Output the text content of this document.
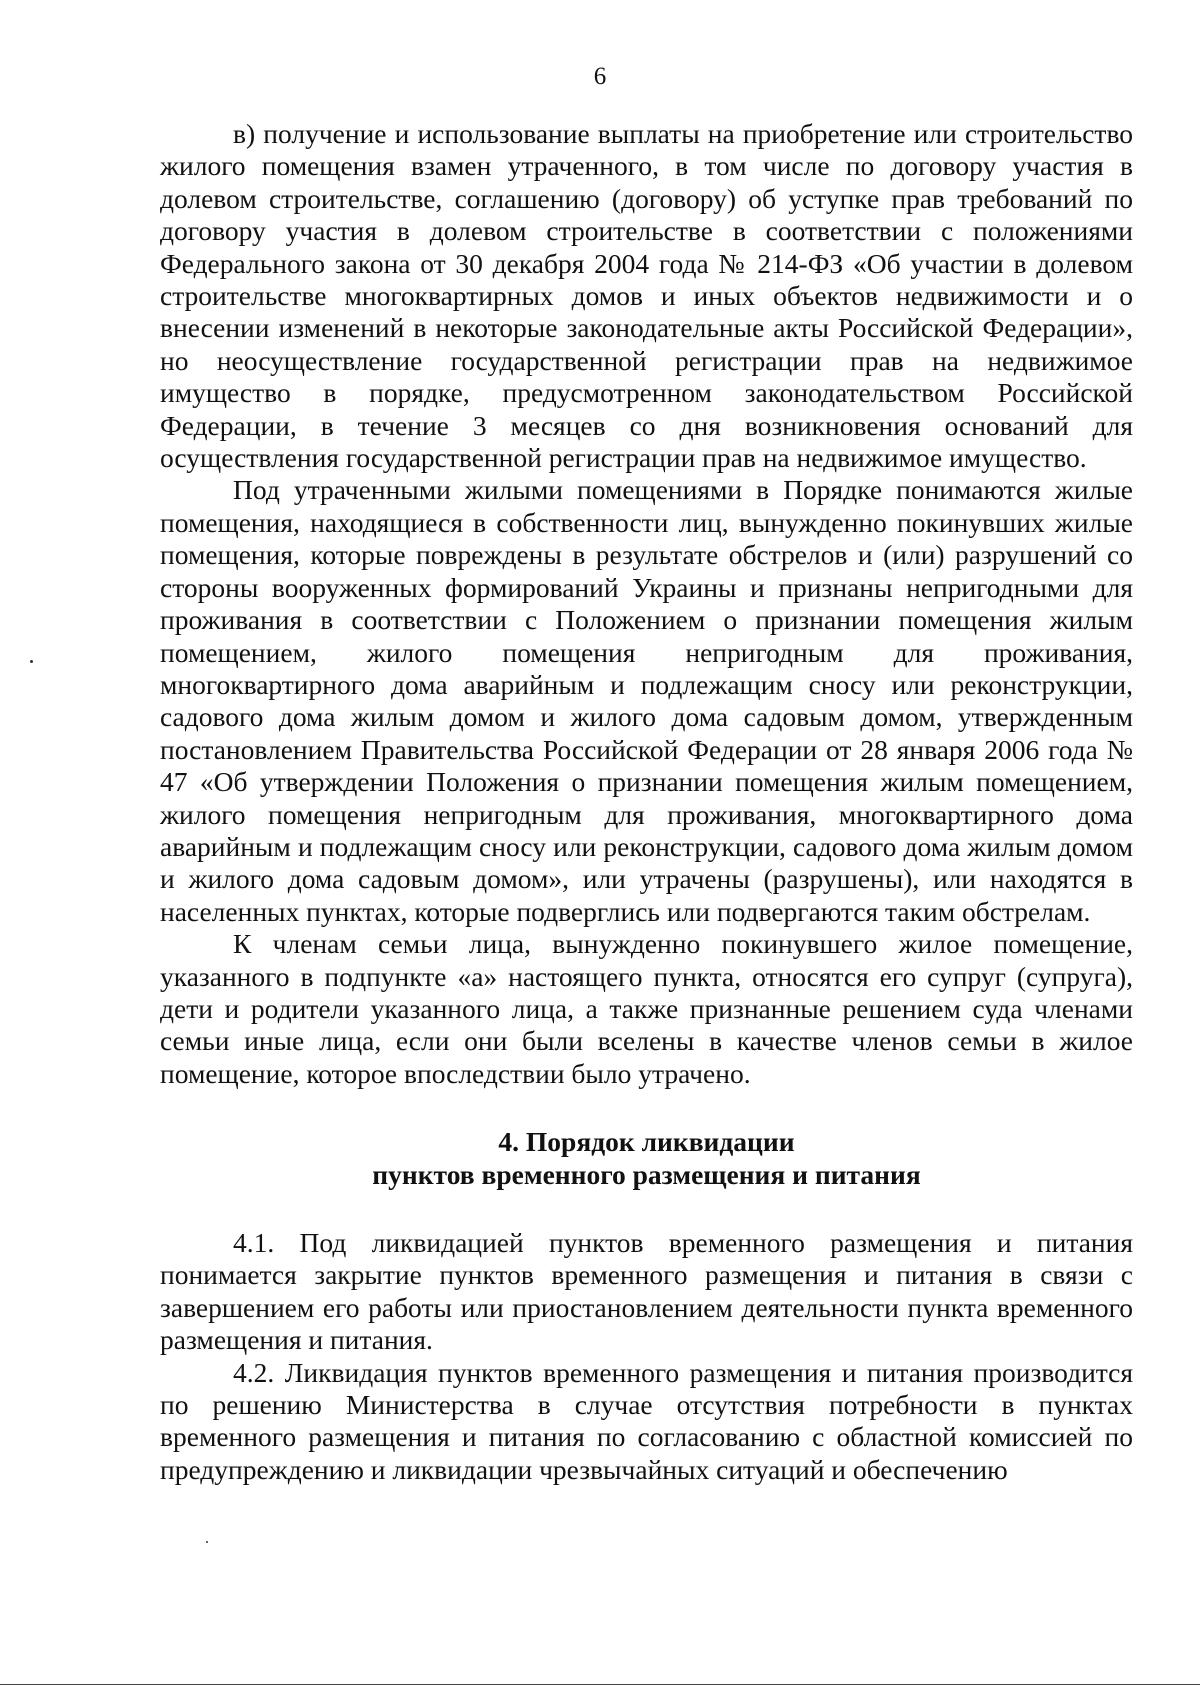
6

в) получение и использование выплаты на приобретение или строительство жилого помещения взамен утраченного, в том числе по договору участия в долевом строительстве, соглашению (договору) об уступке прав требований по договору участия в долевом строительстве в соответствии с положениями Федерального закона от 30 декабря 2004 года № 214-ФЗ «Об участии в долевом строительстве многоквартирных домов и иных объектов недвижимости и о внесении изменений в некоторые законодательные акты Российской Федерации», но неосуществление государственной регистрации прав на недвижимое имущество в порядке, предусмотренном законодательством Российской Федерации, в течение 3 месяцев со дня возникновения оснований для осуществления государственной регистрации прав на недвижимое имущество.

Под утраченными жилыми помещениями в Порядке понимаются жилые помещения, находящиеся в собственности лиц, вынужденно покинувших жилые помещения, которые повреждены в результате обстрелов и (или) разрушений со стороны вооруженных формирований Украины и признаны непригодными для проживания в соответствии с Положением о признании помещения жилым помещением, жилого помещения непригодным для проживания, многоквартирного дома аварийным и подлежащим сносу или реконструкции, садового дома жилым домом и жилого дома садовым домом, утвержденным постановлением Правительства Российской Федерации от 28 января 2006 года № 47 «Об утверждении Положения о признании помещения жилым помещением, жилого помещения непригодным для проживания, многоквартирного дома аварийным и подлежащим сносу или реконструкции, садового дома жилым домом и жилого дома садовым домом», или утрачены (разрушены), или находятся в населенных пунктах, которые подверглись или подвергаются таким обстрелам.

К членам семьи лица, вынужденно покинувшего жилое помещение, указанного в подпункте «а» настоящего пункта, относятся его супруг (супруга), дети и родители указанного лица, а также признанные решением суда членами семьи иные лица, если они были вселены в качестве членов семьи в жилое помещение, которое впоследствии было утрачено.

4. Порядок ликвидации
пунктов временного размещения и питания

4.1. Под ликвидацией пунктов временного размещения и питания понимается закрытие пунктов временного размещения и питания в связи с завершением его работы или приостановлением деятельности пункта временного размещения и питания.

4.2. Ликвидация пунктов временного размещения и питания производится по решению Министерства в случае отсутствия потребности в пунктах временного размещения и питания по согласованию с областной комиссией по предупреждению и ликвидации чрезвычайных ситуаций и обеспечению
